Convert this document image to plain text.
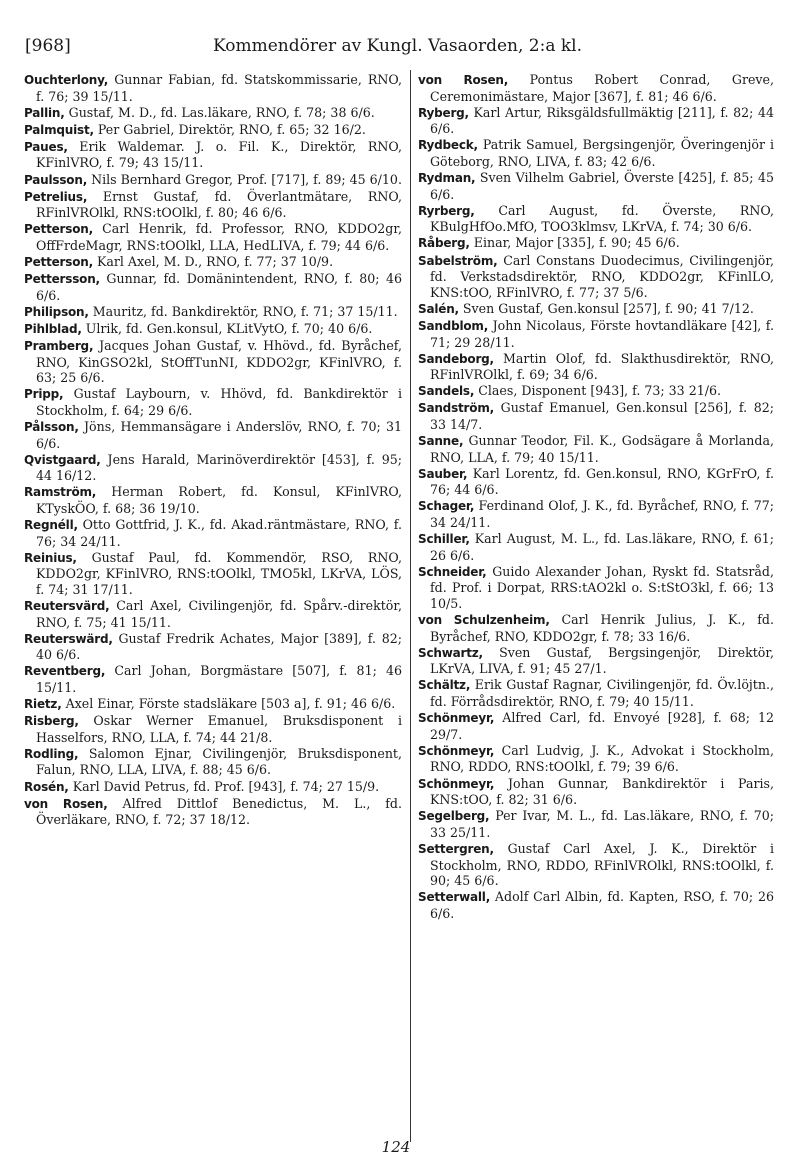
[968]	Kommendörer av Kungl. Vasaorden, 2:a kl.
Ouchterlony, Gunnar Fabian, fd. Statskommissarie, RNO, f. 76; 39 15/11.
Pallin, Gustaf, M. D., fd. Las.läkare, RNO, f. 78; 38 6/6.
Palmquist, Per Gabriel, Direktör, RNO, f. 65; 32 16/2.
Paues, Erik Waldemar. J. o. Fil. K., Direktör, RNO, KFinlVRO, f. 79; 43 15/11.
Paulsson, Nils Bernhard Gregor, Prof. [717], f. 89; 45 6/10.
Petrelius, Ernst Gustaf, fd. Överlantmätare, RNO, RFinlVROlkl, RNS:tOOlkl, f. 80; 46 6/6.
Petterson, Carl Henrik, fd. Professor, RNO, KDDO2gr, OffFrdeMagr, RNS:tOOlkl, LLA, HedLIVA, f. 79; 44 6/6.
Petterson, Karl Axel, M. D., RNO, f. 77; 37 10/9.
Pettersson, Gunnar, fd. Domänintendent, RNO, f. 80; 46 6/6.
Philipson, Mauritz, fd. Bankdirektör, RNO, f. 71; 37 15/11.
Pihlblad, Ulrik, fd. Gen.konsul, KLitVytO, f. 70; 40 6/6.
Pramberg, Jacques Johan Gustaf, v. Hhövd., fd. Byråchef, RNO, KinGSO2kl, StOffTunNI, KDDO2gr, KFinlVRO, f. 63; 25 6/6.
Pripp, Gustaf Laybourn, v. Hhövd, fd. Bankdirektör i Stockholm, f. 64; 29 6/6.
Pålsson, Jöns, Hemmansägare i Anderslöv, RNO, f. 70; 31 6/6.
Qvistgaard, Jens Harald, Marinöverdirektör [453], f. 95; 44 16/12.
Ramström, Herman Robert, fd. Konsul, KFinlVRO, KTyskÖO, f. 68; 36 19/10.
Regnéll, Otto Gottfrid, J. K., fd. Akad.räntmästare, RNO, f. 76; 34 24/11.
Reinius, Gustaf Paul, fd. Kommendör, RSO, RNO, KDDO2gr, KFinlVRO, RNS:tOOlkl, TMO5kl, LKrVA, LÖS, f. 74; 31 17/11.
Reutersvärd, Carl Axel, Civilingenjör, fd. Spårv.-direktör, RNO, f. 75; 41 15/11.
Reuterswärd, Gustaf Fredrik Achates, Major [389], f. 82; 40 6/6.
Reventberg, Carl Johan, Borgmästare [507], f. 81; 46 15/11.
Rietz, Axel Einar, Förste stadsläkare [503 a], f. 91; 46 6/6.
Risberg, Oskar Werner Emanuel, Bruksdisponent i Hasselfors, RNO, LLA, f. 74; 44 21/8.
Rodling, Salomon Ejnar, Civilingenjör, Bruksdisponent, Falun, RNO, LLA, LIVA, f. 88; 45 6/6.
Rosén, Karl David Petrus, fd. Prof. [943], f. 74; 27 15/9.
von Rosen, Alfred Dittlof Benedictus, M. L., fd. Överläkare, RNO, f. 72; 37 18/12.
von Rosen, Pontus Robert Conrad, Greve, Ceremonimästare, Major [367], f. 81; 46 6/6.
Ryberg, Karl Artur, Riksgäldsfullmäktig [211], f. 82; 44 6/6.
Rydbeck, Patrik Samuel, Bergsingenjör, Överingenjör i Göteborg, RNO, LIVA, f. 83; 42 6/6.
Rydman, Sven Vilhelm Gabriel, Överste [425], f. 85; 45 6/6.
Ryrberg, Carl August, fd. Överste, RNO, KBulgHfOo.MfO, TOO3klmsv, LKrVA, f. 74; 30 6/6.
Råberg, Einar, Major [335], f. 90; 45 6/6.
Sabelström, Carl Constans Duodecimus, Civilingenjör, fd. Verkstadsdirektör, RNO, KDDO2gr, KFinlLO, KNS:tOO, RFinlVRO, f. 77; 37 5/6.
Salén, Sven Gustaf, Gen.konsul [257], f. 90; 41 7/12.
Sandblom, John Nicolaus, Förste hovtandläkare [42], f. 71; 29 28/11.
Sandeborg, Martin Olof, fd. Slakthusdirektör, RNO, RFinlVROlkl, f. 69; 34 6/6.
Sandels, Claes, Disponent [943], f. 73; 33 21/6.
Sandström, Gustaf Emanuel, Gen.konsul [256], f. 82; 33 14/7.
Sanne, Gunnar Teodor, Fil. K., Godsägare å Morlanda, RNO, LLA, f. 79; 40 15/11.
Sauber, Karl Lorentz, fd. Gen.konsul, RNO, KGrFrO, f. 76; 44 6/6.
Schager, Ferdinand Olof, J. K., fd. Byråchef, RNO, f. 77; 34 24/11.
Schiller, Karl August, M. L., fd. Las.läkare, RNO, f. 61; 26 6/6.
Schneider, Guido Alexander Johan, Ryskt fd. Statsråd, fd. Prof. i Dorpat, RRS:tAO2kl o. S:tStO3kl, f. 66; 13 10/5.
von Schulzenheim, Carl Henrik Julius, J. K., fd. Byråchef, RNO, KDDO2gr, f. 78; 33 16/6.
Schwartz, Sven Gustaf, Bergsingenjör, Direktör, LKrVA, LIVA, f. 91; 45 27/1.
Schältz, Erik Gustaf Ragnar, Civilingenjör, fd. Öv.löjtn., fd. Förrådsdirektör, RNO, f. 79; 40 15/11.
Schönmeyr, Alfred Carl, fd. Envoyé [928], f. 68; 12 29/7.
Schönmeyr, Carl Ludvig, J. K., Advokat i Stockholm, RNO, RDDO, RNS:tOOlkl, f. 79; 39 6/6.
Schönmeyr, Johan Gunnar, Bankdirektör i Paris, KNS:tOO, f. 82; 31 6/6.
Segelberg, Per Ivar, M. L., fd. Las.läkare, RNO, f. 70; 33 25/11.
Settergren, Gustaf Carl Axel, J. K., Direktör i Stockholm, RNO, RDDO, RFinlVROlkl, RNS:tOOlkl, f. 90; 45 6/6.
Setterwall, Adolf Carl Albin, fd. Kapten, RSO, f. 70; 26 6/6.
124
